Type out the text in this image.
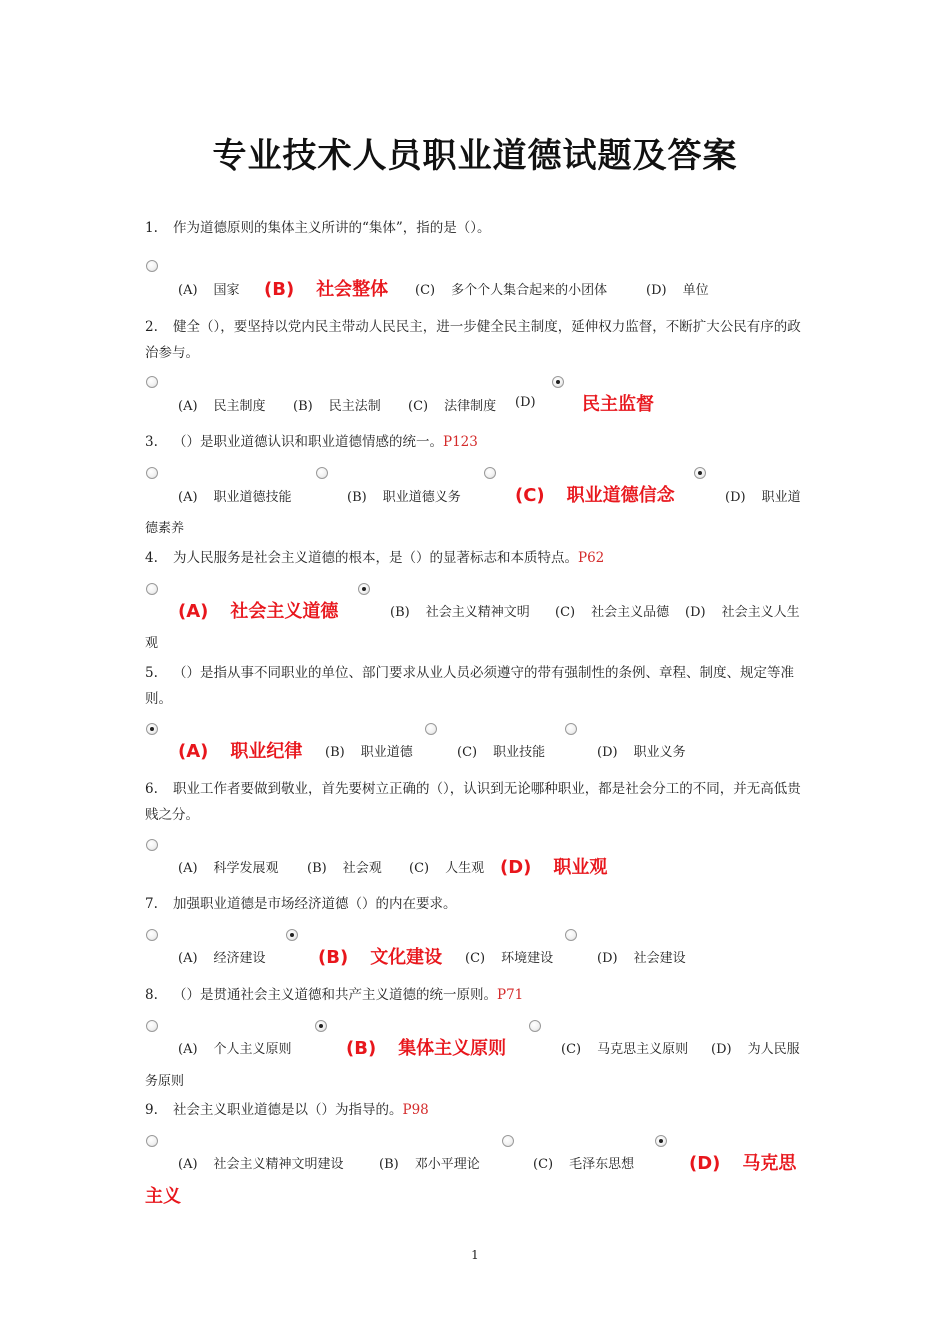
专业技术人员职业道德试题及答案
1. 作为道德原则的集体主义所讲的“集体”，指的是（）。
(A) 国家 (B) 社会整体 (C) 多个个人集合起来的小团体	(D) 单位
2. 健全（），要坚持以党内民主带动人民民主，进一步健全民主制度，延伸权力监督，不断扩大公民有序的政治参与。
(A) 民主制度 (B) 民主法制 (C) 法律制度 (D)	民主监督
3. （）是职业道德认识和职业道德情感的统一。P123
(A) 职业道德技能	(B) 职业道德义务	(C) 职业道德信念	(D) 职业道
德素养
4. 为人民服务是社会主义道德的根本，是（）的显著标志和本质特点。P62
(A) 社会主义道德	(B) 社会主义精神文明 (C) 社会主义品德 (D) 社会主义人生
观
5. （）是指从事不同职业的单位、部门要求从业人员必须遵守的带有强制性的条例、章程、制度、规定等准则。
(A) 职业纪律 (B) 职业道德	(C) 职业技能	(D) 职业义务
6. 职业工作者要做到敬业，首先要树立正确的（），认识到无论哪种职业，都是社会分工的不同，并无高低贵贱之分。
(A) 科学发展观 (B) 社会观 (C) 人生观 (D) 职业观
7. 加强职业道德是市场经济道德（）的内在要求。
(A) 经济建设	(B) 文化建设 (C) 环境建设	(D) 社会建设
8. （）是贯通社会主义道德和共产主义道德的统一原则。P71
(A) 个人主义原则	(B) 集体主义原则	(C) 马克思主义原则 (D) 为人民服
务原则
9. 社会主义职业道德是以（）为指导的。P98
(A) 社会主义精神文明建设	(B) 邓小平理论	(C) 毛泽东思想	(D) 马克思
主义
1
